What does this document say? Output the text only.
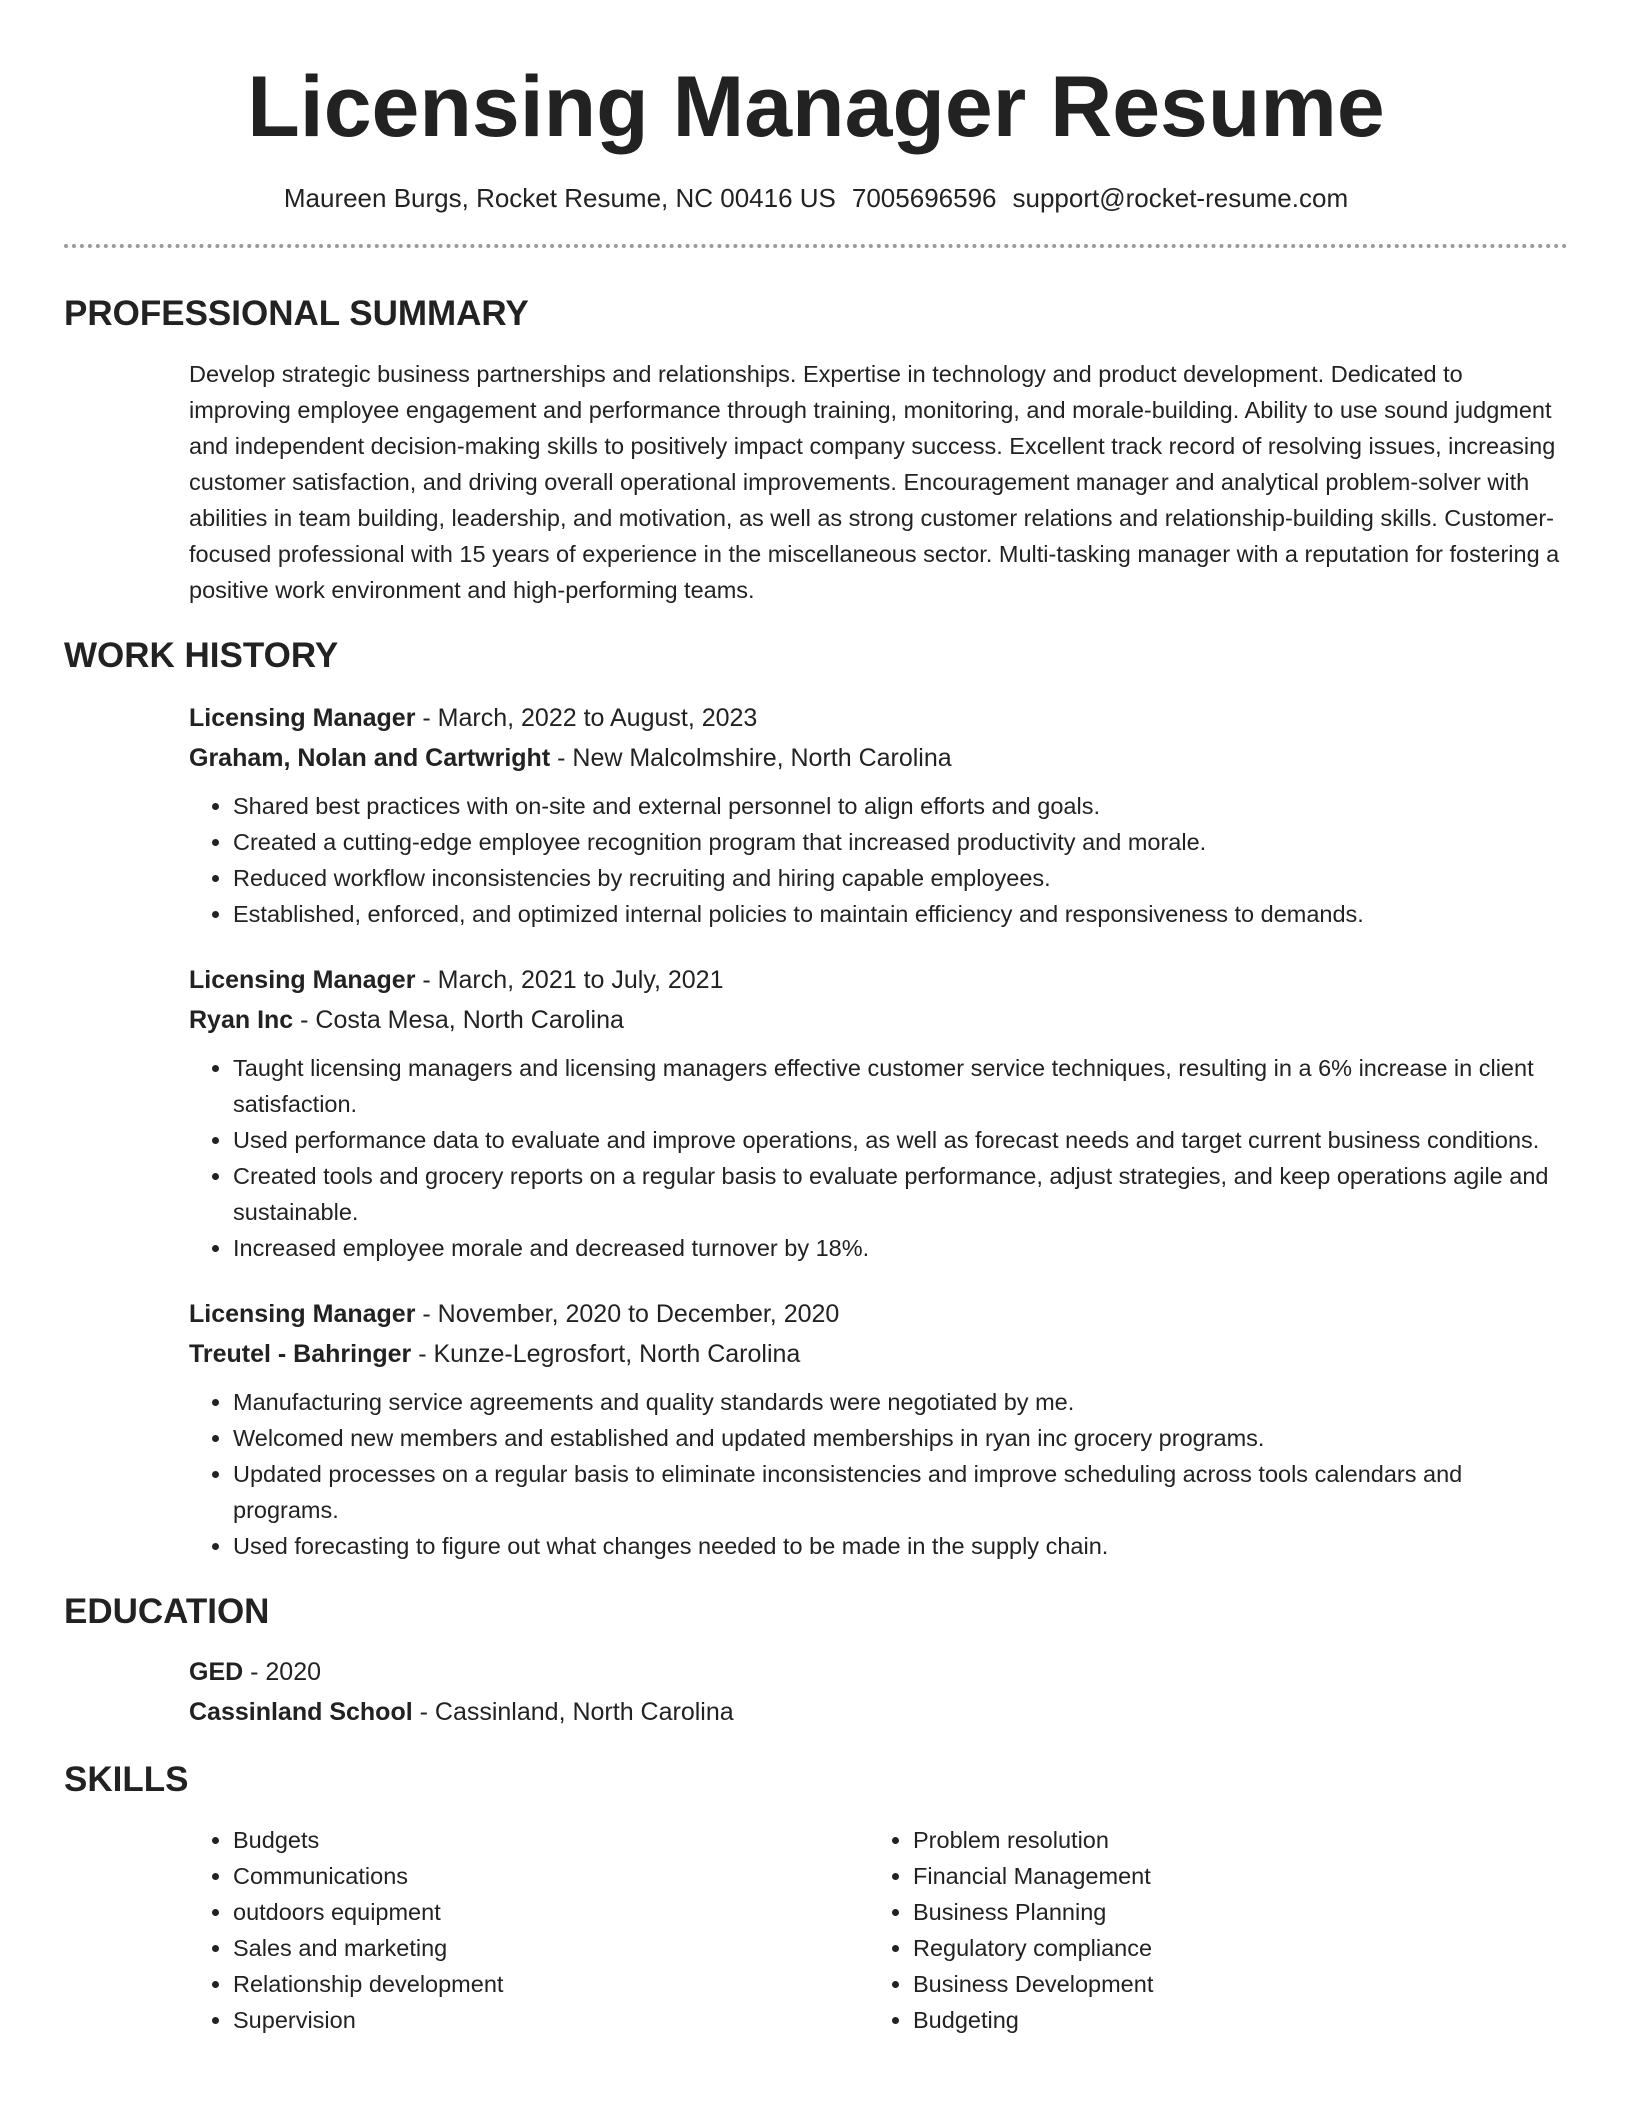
Licensing Manager Resume
Maureen Burgs, Rocket Resume, NC 00416 US 7005696596 support@rocket-resume.com
PROFESSIONAL SUMMARY

Develop strategic business partnerships and relationships. Expertise in technology and product development. Dedicated to improving employee engagement and performance through training, monitoring, and morale-building. Ability to use sound judgment and independent decision-making skills to positively impact company success. Excellent track record of resolving issues, increasing customer satisfaction, and driving overall operational improvements. Encouragement manager and analytical problem-solver with abilities in team building, leadership, and motivation, as well as strong customer relations and relationship-building skills. Customer-focused professional with 15 years of experience in the miscellaneous sector. Multi-tasking manager with a reputation for fostering a positive work environment and high-performing teams.

WORK HISTORY

Licensing Manager - March, 2022 to August, 2023

Graham, Nolan and Cartwright - New Malcolmshire, North Carolina

• Shared best practices with on-site and external personnel to align efforts and goals.
• Created a cutting-edge employee recognition program that increased productivity and morale.
• Reduced workflow inconsistencies by recruiting and hiring capable employees.
• Established, enforced, and optimized internal policies to maintain efficiency and responsiveness to demands.

Licensing Manager - March, 2021 to July, 2021

Ryan Inc - Costa Mesa, North Carolina

• Taught licensing managers and licensing managers effective customer service techniques, resulting in a 6% increase in client satisfaction.
• Used performance data to evaluate and improve operations, as well as forecast needs and target current business conditions.
• Created tools and grocery reports on a regular basis to evaluate performance, adjust strategies, and keep operations agile and sustainable.
• Increased employee morale and decreased turnover by 18%.

Licensing Manager - November, 2020 to December, 2020

Treutel - Bahringer - Kunze-Legrosfort, North Carolina

• Manufacturing service agreements and quality standards were negotiated by me.
• Welcomed new members and established and updated memberships in ryan inc grocery programs.
• Updated processes on a regular basis to eliminate inconsistencies and improve scheduling across tools calendars and programs.
• Used forecasting to figure out what changes needed to be made in the supply chain.
EDUCATION

GED - 2020

Cassinland School - Cassinland, North Carolina

SKILLS
• Budgets
• Communications
• outdoors equipment
• Sales and marketing
• Relationship development
• Supervision
• Problem resolution
• Financial Management
• Business Planning
• Regulatory compliance
• Business Development
• Budgeting
